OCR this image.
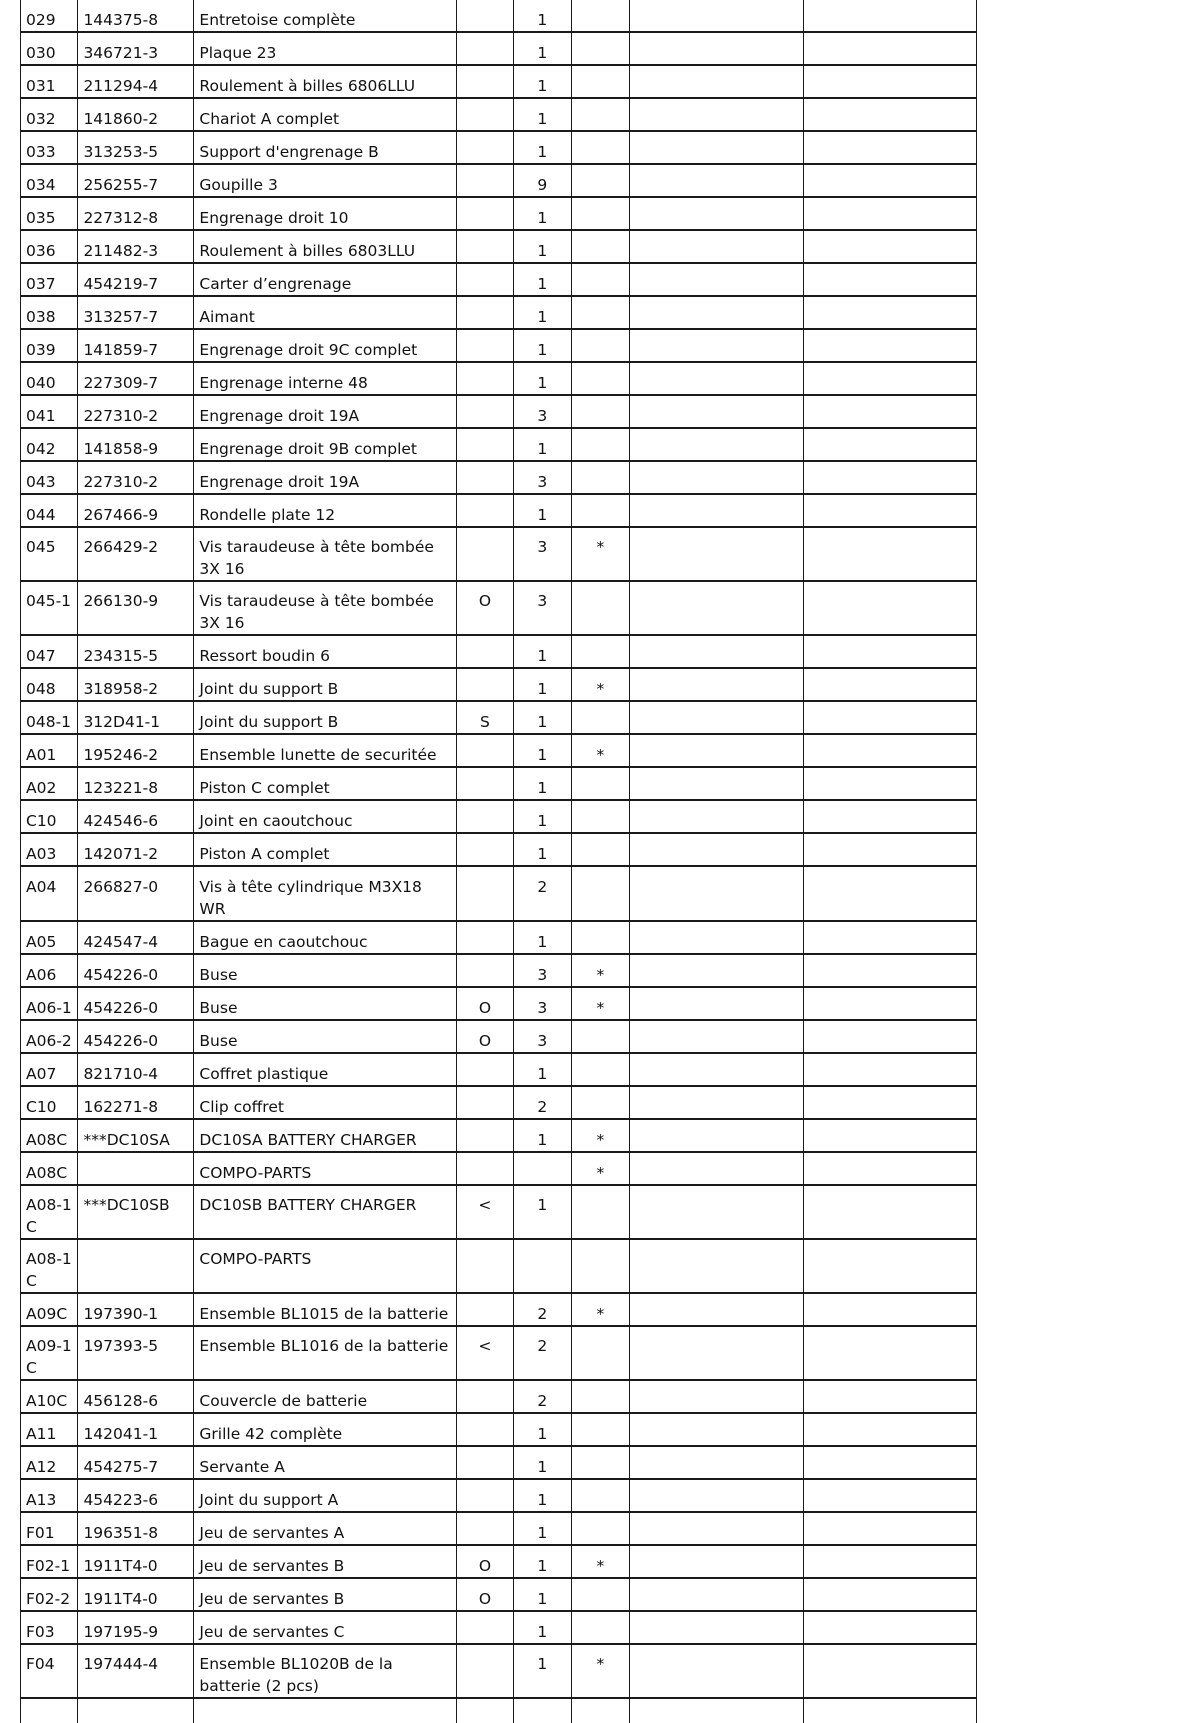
029	144375-8	Entretoise complète		1			
030	346721-3	Plaque 23		1			
031	211294-4	Roulement à billes 6806LLU		1			
032	141860-2	Chariot A complet		1			
033	313253-5	Support d'engrenage B		1			
034	256255-7	Goupille 3		9			
035	227312-8	Engrenage droit 10		1			
036	211482-3	Roulement à billes 6803LLU		1			
037	454219-7	Carter d’engrenage		1			
038	313257-7	Aimant		1			
039	141859-7	Engrenage droit 9C complet		1			
040	227309-7	Engrenage interne 48		1			
041	227310-2	Engrenage droit 19A		3			
042	141858-9	Engrenage droit 9B complet		1			
043	227310-2	Engrenage droit 19A		3			
044	267466-9	Rondelle plate 12		1			
045	266429-2	Vis taraudeuse à tête bombée 3X 16		3	*		
045-1	266130-9	Vis taraudeuse à tête bombée 3X 16	O	3			
047	234315-5	Ressort boudin 6		1			
048	318958-2	Joint du support B		1	*		
048-1	312D41-1	Joint du support B	S	1			
A01	195246-2	Ensemble lunette de securitée		1	*		
A02	123221-8	Piston C complet		1			
C10	424546-6	Joint en caoutchouc		1			
A03	142071-2	Piston A complet		1			
A04	266827-0	Vis à tête cylindrique M3X18 WR		2			
A05	424547-4	Bague en caoutchouc		1			
A06	454226-0	Buse		3	*		
A06-1	454226-0	Buse	O	3	*		
A06-2	454226-0	Buse	O	3			
A07	821710-4	Coffret plastique		1			
C10	162271-8	Clip coffret		2			
A08C	***DC10SA	DC10SA BATTERY CHARGER		1	*		
A08C		COMPO-PARTS			*		
A08-1 C	***DC10SB	DC10SB BATTERY CHARGER	<	1			
A08-1 C		COMPO-PARTS					
A09C	197390-1	Ensemble BL1015 de la batterie		2	*		
A09-1 C	197393-5	Ensemble BL1016 de la batterie	<	2			
A10C	456128-6	Couvercle de batterie		2			
A11	142041-1	Grille 42 complète		1			
A12	454275-7	Servante A		1			
A13	454223-6	Joint du support A		1			
F01	196351-8	Jeu de servantes A		1			
F02-1	1911T4-0	Jeu de servantes B	O	1	*		
F02-2	1911T4-0	Jeu de servantes B	O	1			
F03	197195-9	Jeu de servantes C		1			
F04	197444-4	Ensemble BL1020B de la batterie (2 pcs)		1	*		
